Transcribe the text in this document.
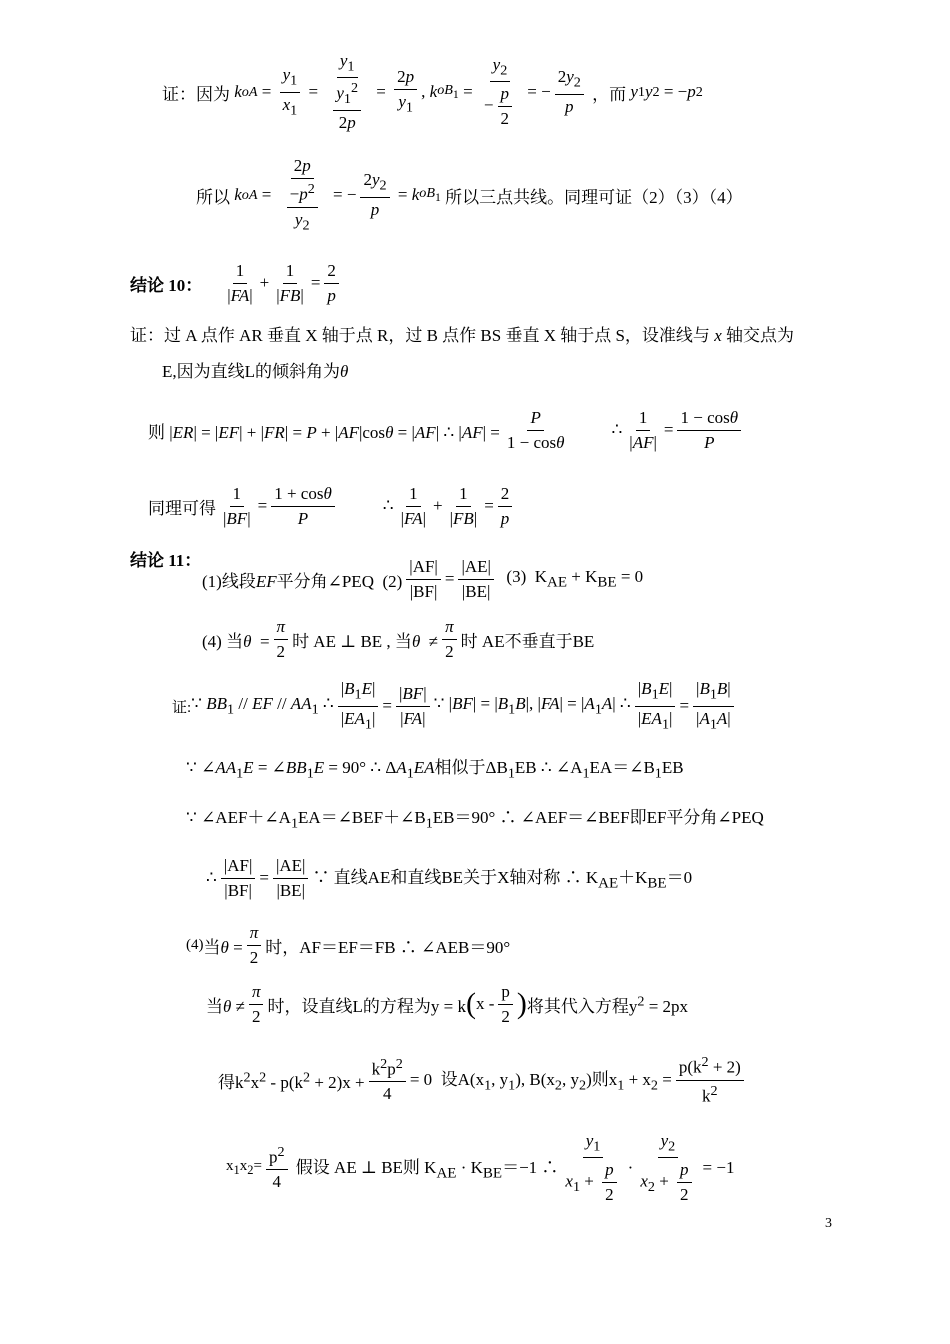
证：因为 k oA = $\frac{y_1}{x_1} = \frac{y_1}{\frac{y_1^2}{2p}} = \frac{2p}{y_1}$ , k $oB_1 = \frac{y_2}{- \frac{p}{2}}$ = − $\frac{2y_2}{p}$ ，而 y 1 y 2 = − p 2
所以 k oA = $\frac{2p}{\frac{-p^2}{y_2}}$ = − $\frac{2y_2}{p} = k$ $oB_1$ 所以三点共线。同理可证（2）（3）（4）
结论 10： $\frac{1}{|FA|} + \frac{1}{|FB|} = \frac{2}{p}$
证：过 A 点作 AR 垂直 X 轴于点 R，过 B 点作 BS 垂直 X 轴于点 S，设准线与 x 轴交点为
E,因为直线L的倾斜角为θ
则 |ER| = |EF| + |FR| = P + |AF|cosθ = |AF| ∴ $|AF| = \frac{P}{1 - \cos\theta}$	∴ $\frac{1}{|AF|} = \frac{1 - \cos\theta}{P}$
同理可得 $\frac{1}{|BF|} = \frac{1 + \cos\theta}{P}$	∴ $\frac{1}{|FA|} + \frac{1}{|FB|} = \frac{2}{p}$
结论 11：
(1)线段EF平分角∠PEQ  $(2) \frac{|AF|}{|BF|} = \frac{|AE|}{|BE|} (3) K_{AE} + K_{BE} = 0$
(4) 当$\theta = \frac{\pi}{2}$ 时 AE ⊥ BE , 当$\theta \ne \frac{\pi}{2}$ 时 AE不垂直于BE
证: ∵ $BB_1$ // EF // $AA_1$ ∴ $\frac{|B_1E|}{|EA_1|} = \frac{|BF|}{|FA|}$ ∵ $|BF| = |B_1B|$, $|FA| = |A_1A|$ ∴ $\frac{|B_1E|}{|EA_1|} = \frac{|B_1B|}{|A_1A|}$
∵ $\angle AA_1E$ = $\angle BB_1E = 90^\circ$ ∴ $\Delta A_1EA$相似于$\Delta B_1EB$ ∴ $\angle A_1EA=\angle B_1EB$
∵ $\angle AEF+\angle A_1EA=\angle BEF+\angle B_1EB=90^\circ$ ∴ ∠AEF＝∠BEF即EF平分角∠PEQ
∴ $\frac{|AF|}{|BF|} = \frac{|AE|}{|BE|}$ ∵ 直线AE和直线BE关于X轴对称 ∴ $K_{AE}+K_{BE}=0$
(4) 当$\theta = \frac{\pi}{2}$ 时，AF＝EF＝FB ∴ ∠AEB＝90°
当$\theta \ne \frac{\pi}{2}$ 时，设直线L的方程为y = k ( x - $\frac{p}{2}$ ) 将其代入方程$y^2 = 2px$
得$k^2x^2 - p(k^2 + 2)x + \frac{k^2p^2}{4} = 0$  设$A(x_1$, $y_1$), $B(x_2$, $y_2$)则$x_1 + x_2 = \frac{p(k^2 + 2)}{k^2}$
$x_1x_2= \frac{p^2}{4}$ 假设 AE ⊥ BE则 $K_{AE} \cdot K_{BE}=-1$ ∴ $\frac{y_1}{x_1 + \frac{p}{2}} \cdot \frac{y_2}{x_2 + \frac{p}{2}} = -1$
3
